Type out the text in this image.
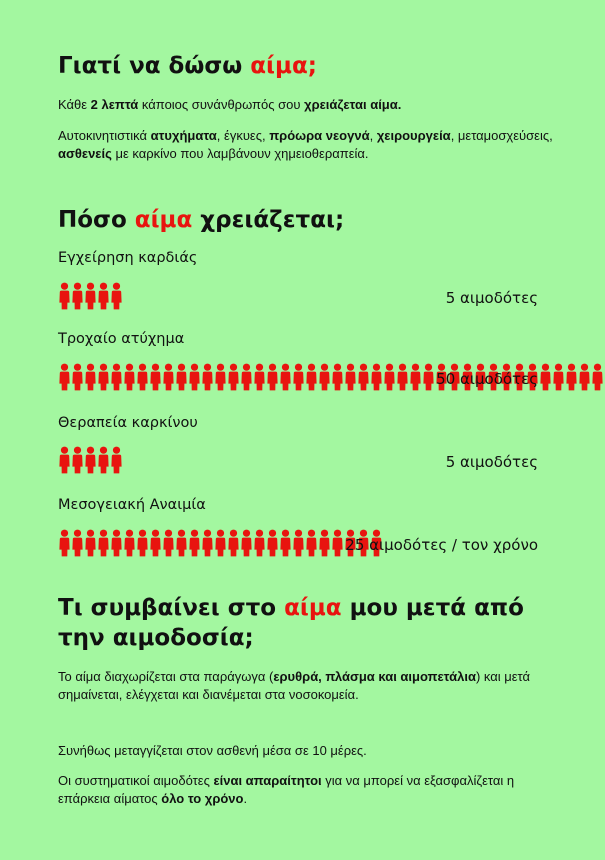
Γιατί να δώσω αίμα;

Κάθε 2 λεπτά κάποιος συνάνθρωπός σου χρειάζεται αίμα.

Αυτοκινητιστικά ατυχήματα, έγκυες, πρόωρα νεογνά, χειρουργεία, μεταμοσχεύσεις, ασθενείς με καρκίνο που λαμβάνουν χημειοθεραπεία.

Πόσο αίμα χρειάζεται;
Εγχείρηση καρδιάς
5 αιμοδότες
Τροχαίο ατύχημα
50 αιμοδότες
Θεραπεία καρκίνου
5 αιμοδότες
Μεσογειακή Αναιμία
25 αιμοδότες / τον χρόνο
Τι συμβαίνει στο αίμα μου μετά από την αιμοδοσία;

Το αίμα διαχωρίζεται στα παράγωγα (ερυθρά, πλάσμα και αιμοπετάλια) και μετά σημαίνεται, ελέγχεται και διανέμεται στα νοσοκομεία.

Συνήθως μεταγγίζεται στον ασθενή μέσα σε 10 μέρες.

Οι συστηματικοί αιμοδότες είναι απαραίτητοι για να μπορεί να εξασφαλίζεται η επάρκεια αίματος όλο το χρόνο.
